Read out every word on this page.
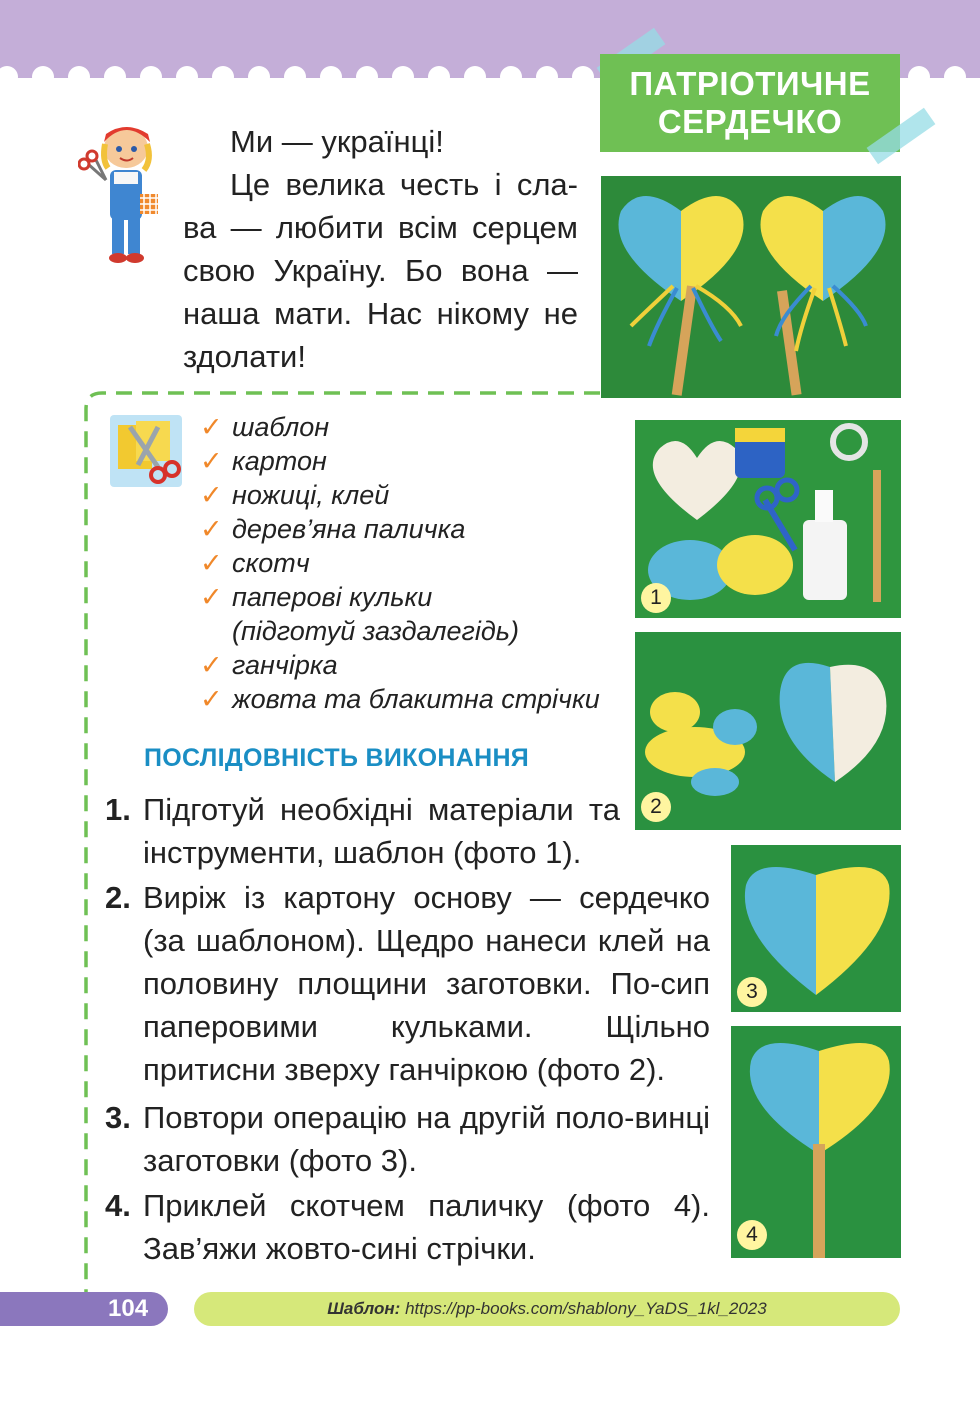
ПАТРІОТИЧНЕ
СЕРДЕЧКО

Ми — українці!

Це велика честь і сла-ва — любити всім серцем свою Україну. Бо вона — наша мати. Нас нікому не здолати!

✓ шаблон
✓ картон
✓ ножиці, клей
✓ дерев’яна паличка
✓ скотч
✓ паперові кульки
(підготуй заздалегідь)
✓ ганчірка
✓ жовта та блакитна стрічки
1
2
3
4
ПОСЛІДОВНІСТЬ ВИКОНАННЯ
1. Підготуй необхідні матеріали та інструменти, шаблон (фото 1).
2. Виріж із картону основу — сердечко (за шаблоном). Щедро нанеси клей на половину площини заготовки. По-сип паперовими кульками. Щільно притисни зверху ганчіркою (фото 2).
3. Повтори операцію на другій поло-винці заготовки (фото 3).
4. Приклей скотчем паличку (фото 4). Зав’яжи жовто-сині стрічки.
104	Шаблон: https://pp-books.com/shablony_YaDS_1kl_2023
